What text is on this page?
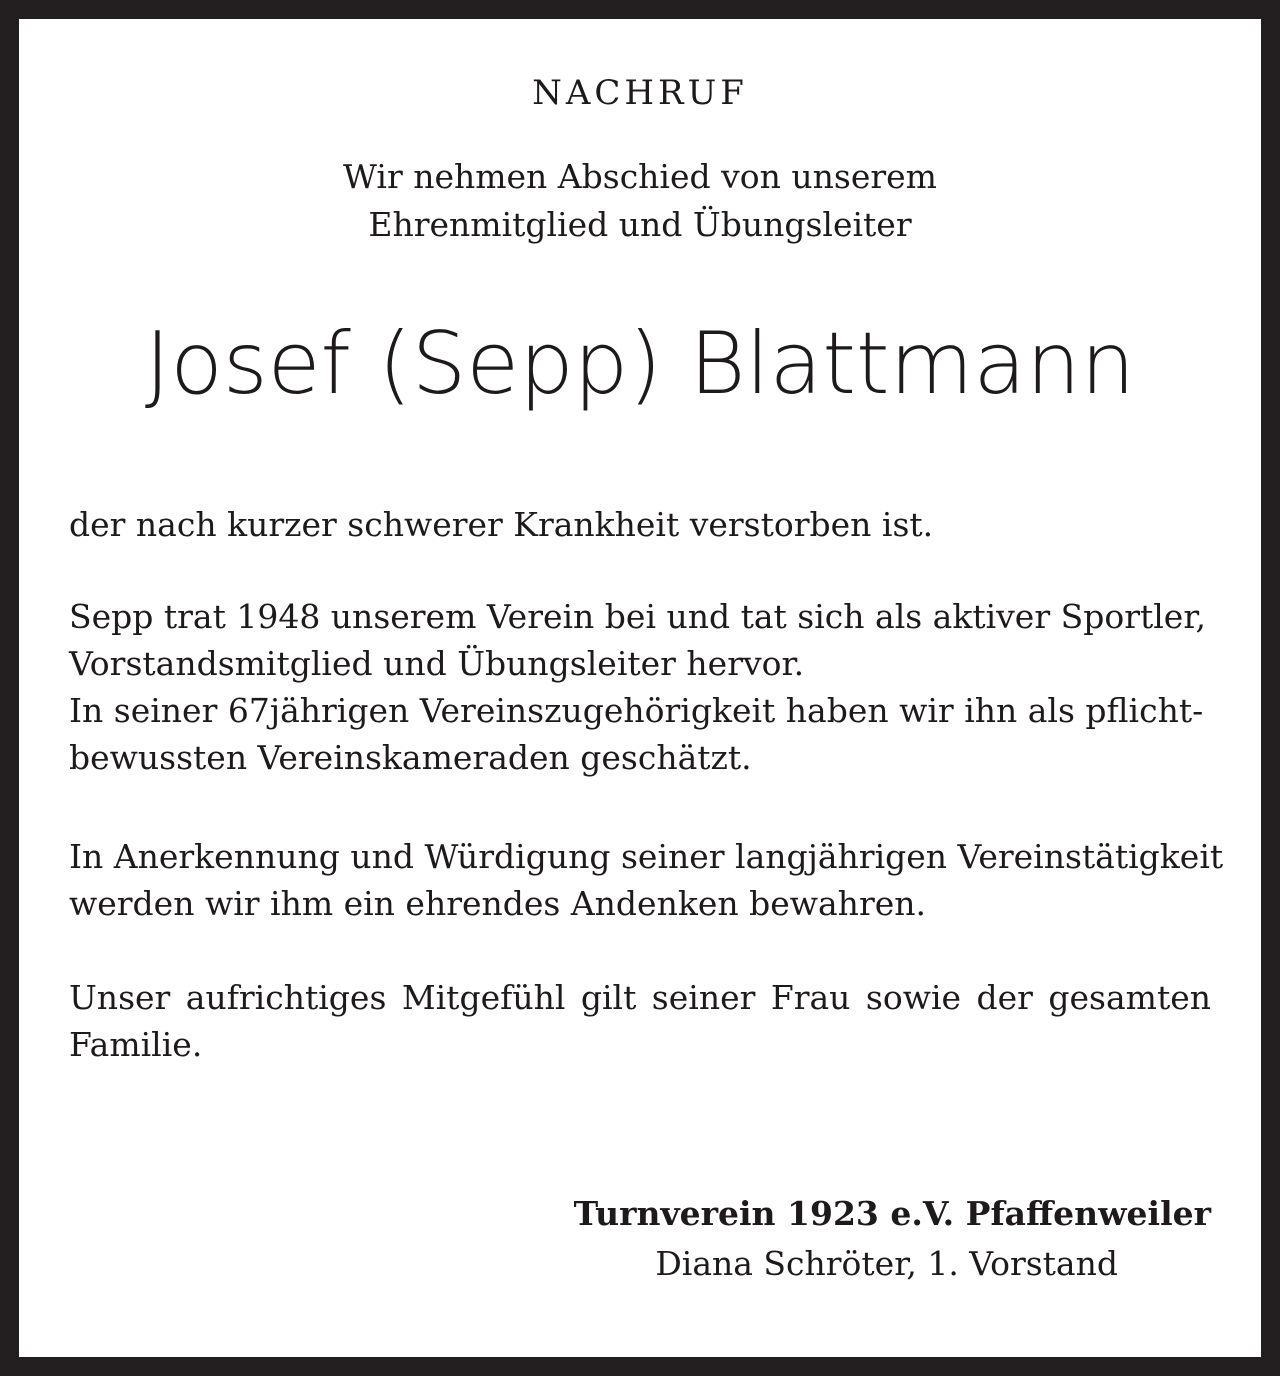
NACHRUF
Wir nehmen Abschied von unserem
Ehrenmitglied und Übungsleiter
Josef (Sepp) Blattmann
der nach kurzer schwerer Krankheit verstorben ist.
Sepp trat 1948 unserem Verein bei und tat sich als aktiver Sportler,
Vorstandsmitglied und Übungsleiter hervor.
In seiner 67jährigen Vereinszugehörigkeit haben wir ihn als pflicht-
bewussten Vereinskameraden geschätzt.
In Anerkennung und Würdigung seiner langjährigen Vereinstätigkeit
werden wir ihm ein ehrendes Andenken bewahren.
Unser aufrichtiges Mitgefühl gilt seiner Frau sowie der gesamten
Familie.
Turnverein 1923 e.V. Pfaffenweiler
Diana Schröter, 1. Vorstand
